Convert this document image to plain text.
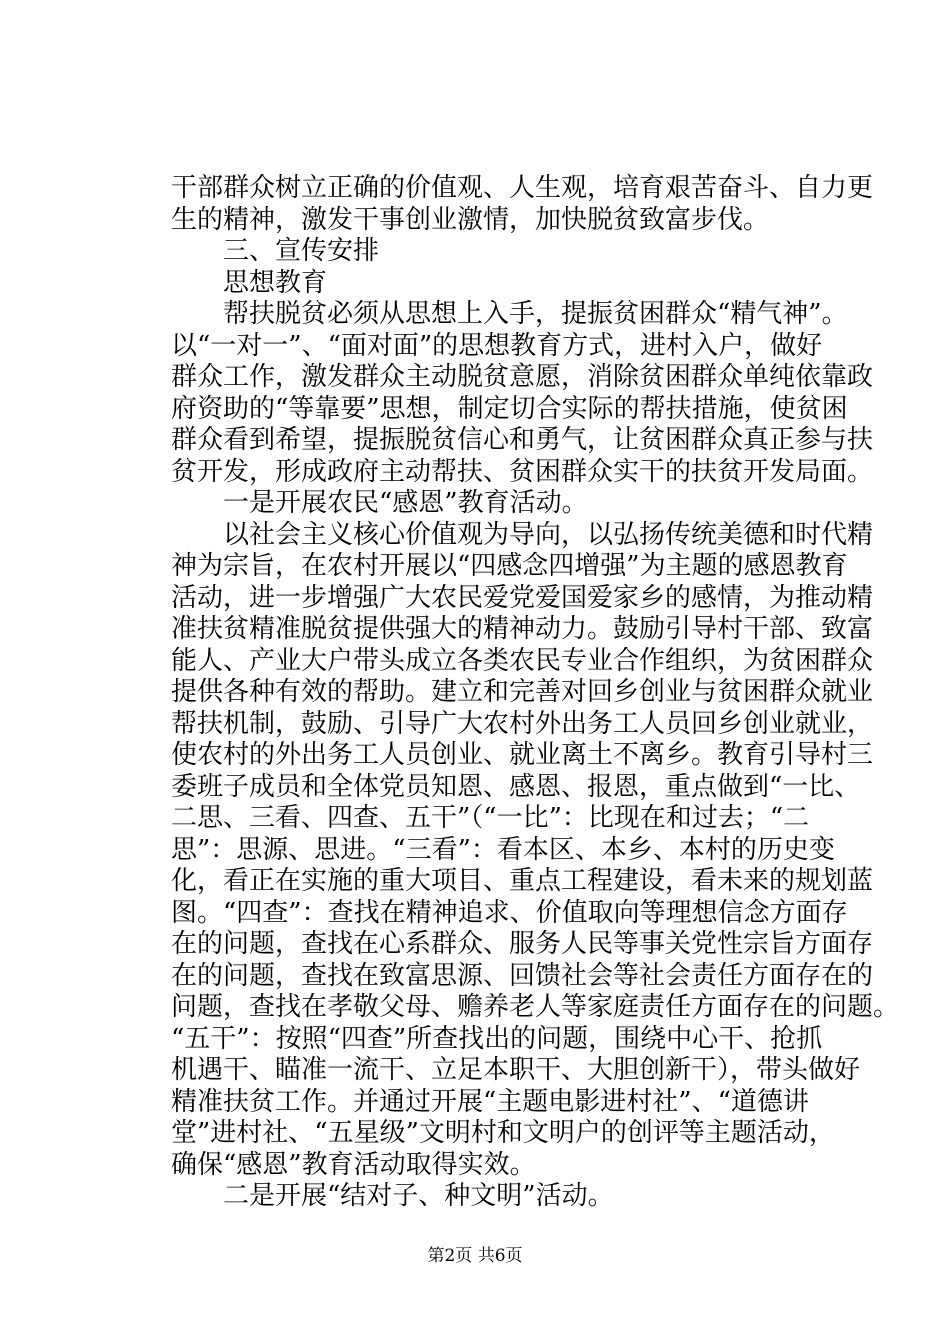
干部群众树立正确的价值观、人生观，培育艰苦奋斗、自力更
生的精神，激发干事创业激情，加快脱贫致富步伐。
三、宣传安排
思想教育
帮扶脱贫必须从思想上入手，提振贫困群众“精气神”。
以“一对一”、“面对面”的思想教育方式，进村入户，做好
群众工作，激发群众主动脱贫意愿，消除贫困群众单纯依靠政
府资助的“等靠要”思想，制定切合实际的帮扶措施，使贫困
群众看到希望，提振脱贫信心和勇气，让贫困群众真正参与扶
贫开发，形成政府主动帮扶、贫困群众实干的扶贫开发局面。
一是开展农民“感恩”教育活动。
以社会主义核心价值观为导向，以弘扬传统美德和时代精
神为宗旨，在农村开展以“四感念四增强”为主题的感恩教育
活动，进一步增强广大农民爱党爱国爱家乡的感情，为推动精
准扶贫精准脱贫提供强大的精神动力。鼓励引导村干部、致富
能人、产业大户带头成立各类农民专业合作组织，为贫困群众
提供各种有效的帮助。建立和完善对回乡创业与贫困群众就业
帮扶机制，鼓励、引导广大农村外出务工人员回乡创业就业，
使农村的外出务工人员创业、就业离土不离乡。教育引导村三
委班子成员和全体党员知恩、感恩、报恩，重点做到“一比、
二思、三看、四查、五干”（“一比”：比现在和过去；“二
思”：思源、思进。“三看”：看本区、本乡、本村的历史变
化，看正在实施的重大项目、重点工程建设，看未来的规划蓝
图。“四查”：查找在精神追求、价值取向等理想信念方面存
在的问题，查找在心系群众、服务人民等事关党性宗旨方面存
在的问题，查找在致富思源、回馈社会等社会责任方面存在的
问题，查找在孝敬父母、赡养老人等家庭责任方面存在的问题。
“五干”：按照“四查”所查找出的问题，围绕中心干、抢抓
机遇干、瞄准一流干、立足本职干、大胆创新干），带头做好
精准扶贫工作。并通过开展“主题电影进村社”、“道德讲
堂”进村社、“五星级”文明村和文明户的创评等主题活动，
确保“感恩”教育活动取得实效。
二是开展“结对子、种文明”活动。
第2页 共6页
